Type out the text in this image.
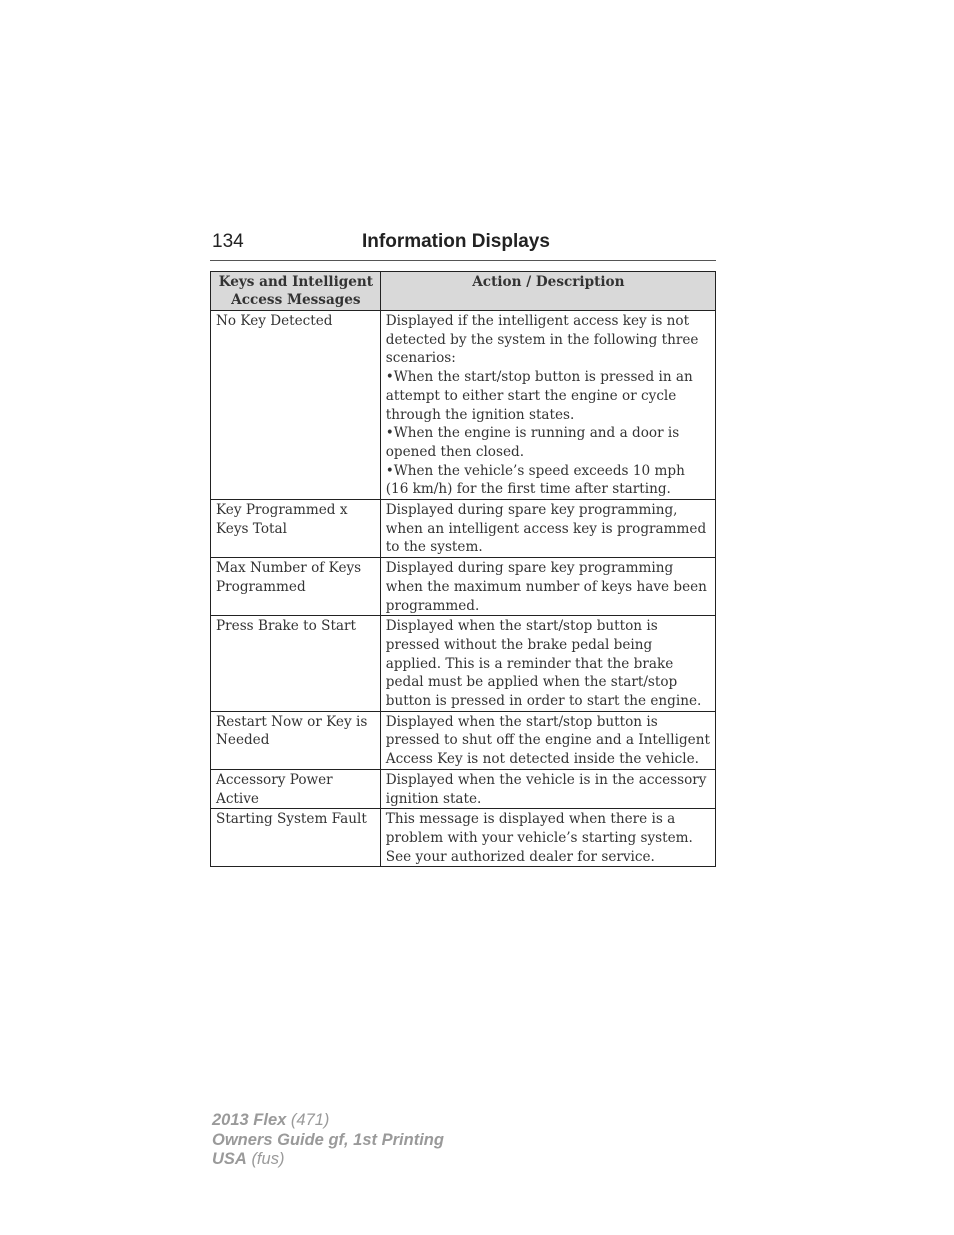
134	Information Displays
Keys and Intelligent Access Messages	Action / Description
No Key Detected	Displayed if the intelligent access key is not detected by the system in the following three scenarios:
•When the start/stop button is pressed in an attempt to either start the engine or cycle through the ignition states.
•When the engine is running and a door is opened then closed.
•When the vehicle’s speed exceeds 10 mph (16 km/h) for the first time after starting.

Key Programmed x Keys Total	Displayed during spare key programming, when an intelligent access key is programmed to the system.
Max Number of Keys Programmed	Displayed during spare key programming when the maximum number of keys have been programmed.
Press Brake to Start	Displayed when the start/stop button is pressed without the brake pedal being applied. This is a reminder that the brake pedal must be applied when the start/stop button is pressed in order to start the engine.
Restart Now or Key is Needed	Displayed when the start/stop button is pressed to shut off the engine and a Intelligent Access Key is not detected inside the vehicle.
Accessory Power Active	Displayed when the vehicle is in the accessory ignition state.
Starting System Fault	This message is displayed when there is a problem with your vehicle’s starting system. See your authorized dealer for service.
2013 Flex (471)
Owners Guide gf, 1st Printing
USA (fus)
